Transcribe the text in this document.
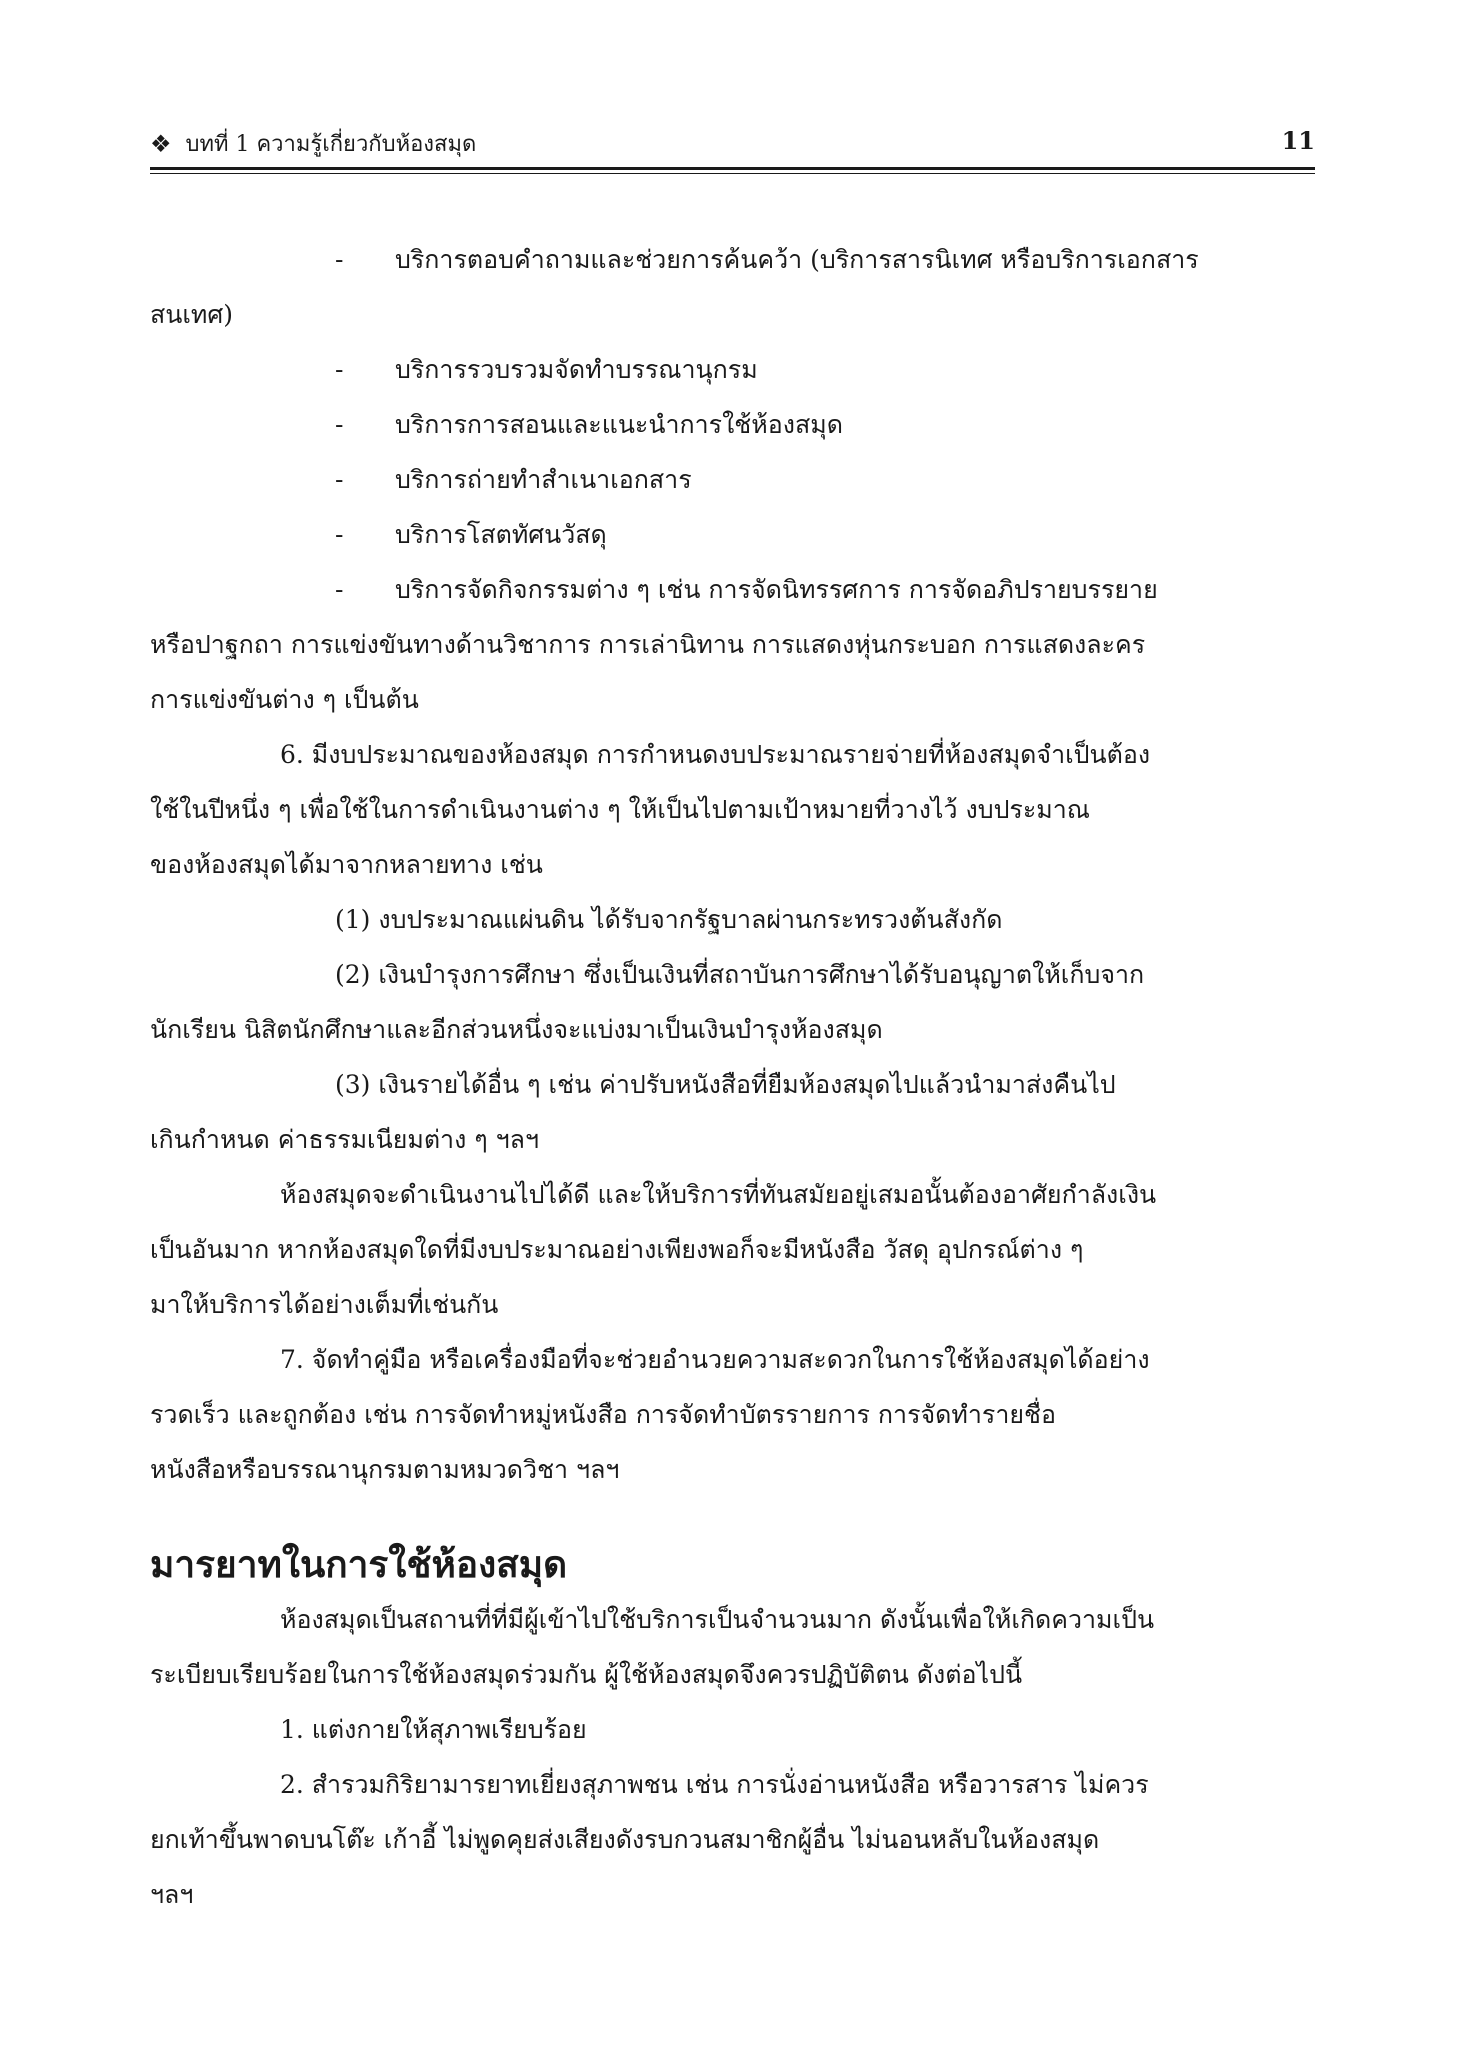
❖ บทที่ 1 ความรู้เกี่ยวกับห้องสมุด	11
- บริการตอบคำถามและช่วยการค้นคว้า (บริการสารนิเทศ หรือบริการเอกสาร
สนเทศ)
- บริการรวบรวมจัดทำบรรณานุกรม
- บริการการสอนและแนะนำการใช้ห้องสมุด
- บริการถ่ายทำสำเนาเอกสาร
- บริการโสตทัศนวัสดุ
- บริการจัดกิจกรรมต่าง ๆ เช่น การจัดนิทรรศการ การจัดอภิปรายบรรยาย
หรือปาฐกถา การแข่งขันทางด้านวิชาการ การเล่านิทาน การแสดงหุ่นกระบอก การแสดงละคร
การแข่งขันต่าง ๆ เป็นต้น
6. มีงบประมาณของห้องสมุด การกำหนดงบประมาณรายจ่ายที่ห้องสมุดจำเป็นต้อง
ใช้ในปีหนึ่ง ๆ เพื่อใช้ในการดำเนินงานต่าง ๆ ให้เป็นไปตามเป้าหมายที่วางไว้ งบประมาณ
ของห้องสมุดได้มาจากหลายทาง เช่น
(1) งบประมาณแผ่นดิน ได้รับจากรัฐบาลผ่านกระทรวงต้นสังกัด
(2) เงินบำรุงการศึกษา ซึ่งเป็นเงินที่สถาบันการศึกษาได้รับอนุญาตให้เก็บจาก
นักเรียน นิสิตนักศึกษาและอีกส่วนหนึ่งจะแบ่งมาเป็นเงินบำรุงห้องสมุด
(3) เงินรายได้อื่น ๆ เช่น ค่าปรับหนังสือที่ยืมห้องสมุดไปแล้วนำมาส่งคืนไป
เกินกำหนด ค่าธรรมเนียมต่าง ๆ ฯลฯ
ห้องสมุดจะดำเนินงานไปได้ดี และให้บริการที่ทันสมัยอยู่เสมอนั้นต้องอาศัยกำลังเงิน
เป็นอันมาก หากห้องสมุดใดที่มีงบประมาณอย่างเพียงพอก็จะมีหนังสือ วัสดุ อุปกรณ์ต่าง ๆ
มาให้บริการได้อย่างเต็มที่เช่นกัน
7. จัดทำคู่มือ หรือเครื่องมือที่จะช่วยอำนวยความสะดวกในการใช้ห้องสมุดได้อย่าง
รวดเร็ว และถูกต้อง เช่น การจัดทำหมู่หนังสือ การจัดทำบัตรรายการ การจัดทำรายชื่อ
หนังสือหรือบรรณานุกรมตามหมวดวิชา ฯลฯ
มารยาทในการใช้ห้องสมุด
ห้องสมุดเป็นสถานที่ที่มีผู้เข้าไปใช้บริการเป็นจำนวนมาก ดังนั้นเพื่อให้เกิดความเป็น
ระเบียบเรียบร้อยในการใช้ห้องสมุดร่วมกัน ผู้ใช้ห้องสมุดจึงควรปฏิบัติตน ดังต่อไปนี้
1. แต่งกายให้สุภาพเรียบร้อย
2. สำรวมกิริยามารยาทเยี่ยงสุภาพชน เช่น การนั่งอ่านหนังสือ หรือวารสาร ไม่ควร
ยกเท้าขึ้นพาดบนโต๊ะ เก้าอี้ ไม่พูดคุยส่งเสียงดังรบกวนสมาชิกผู้อื่น ไม่นอนหลับในห้องสมุด
ฯลฯ
